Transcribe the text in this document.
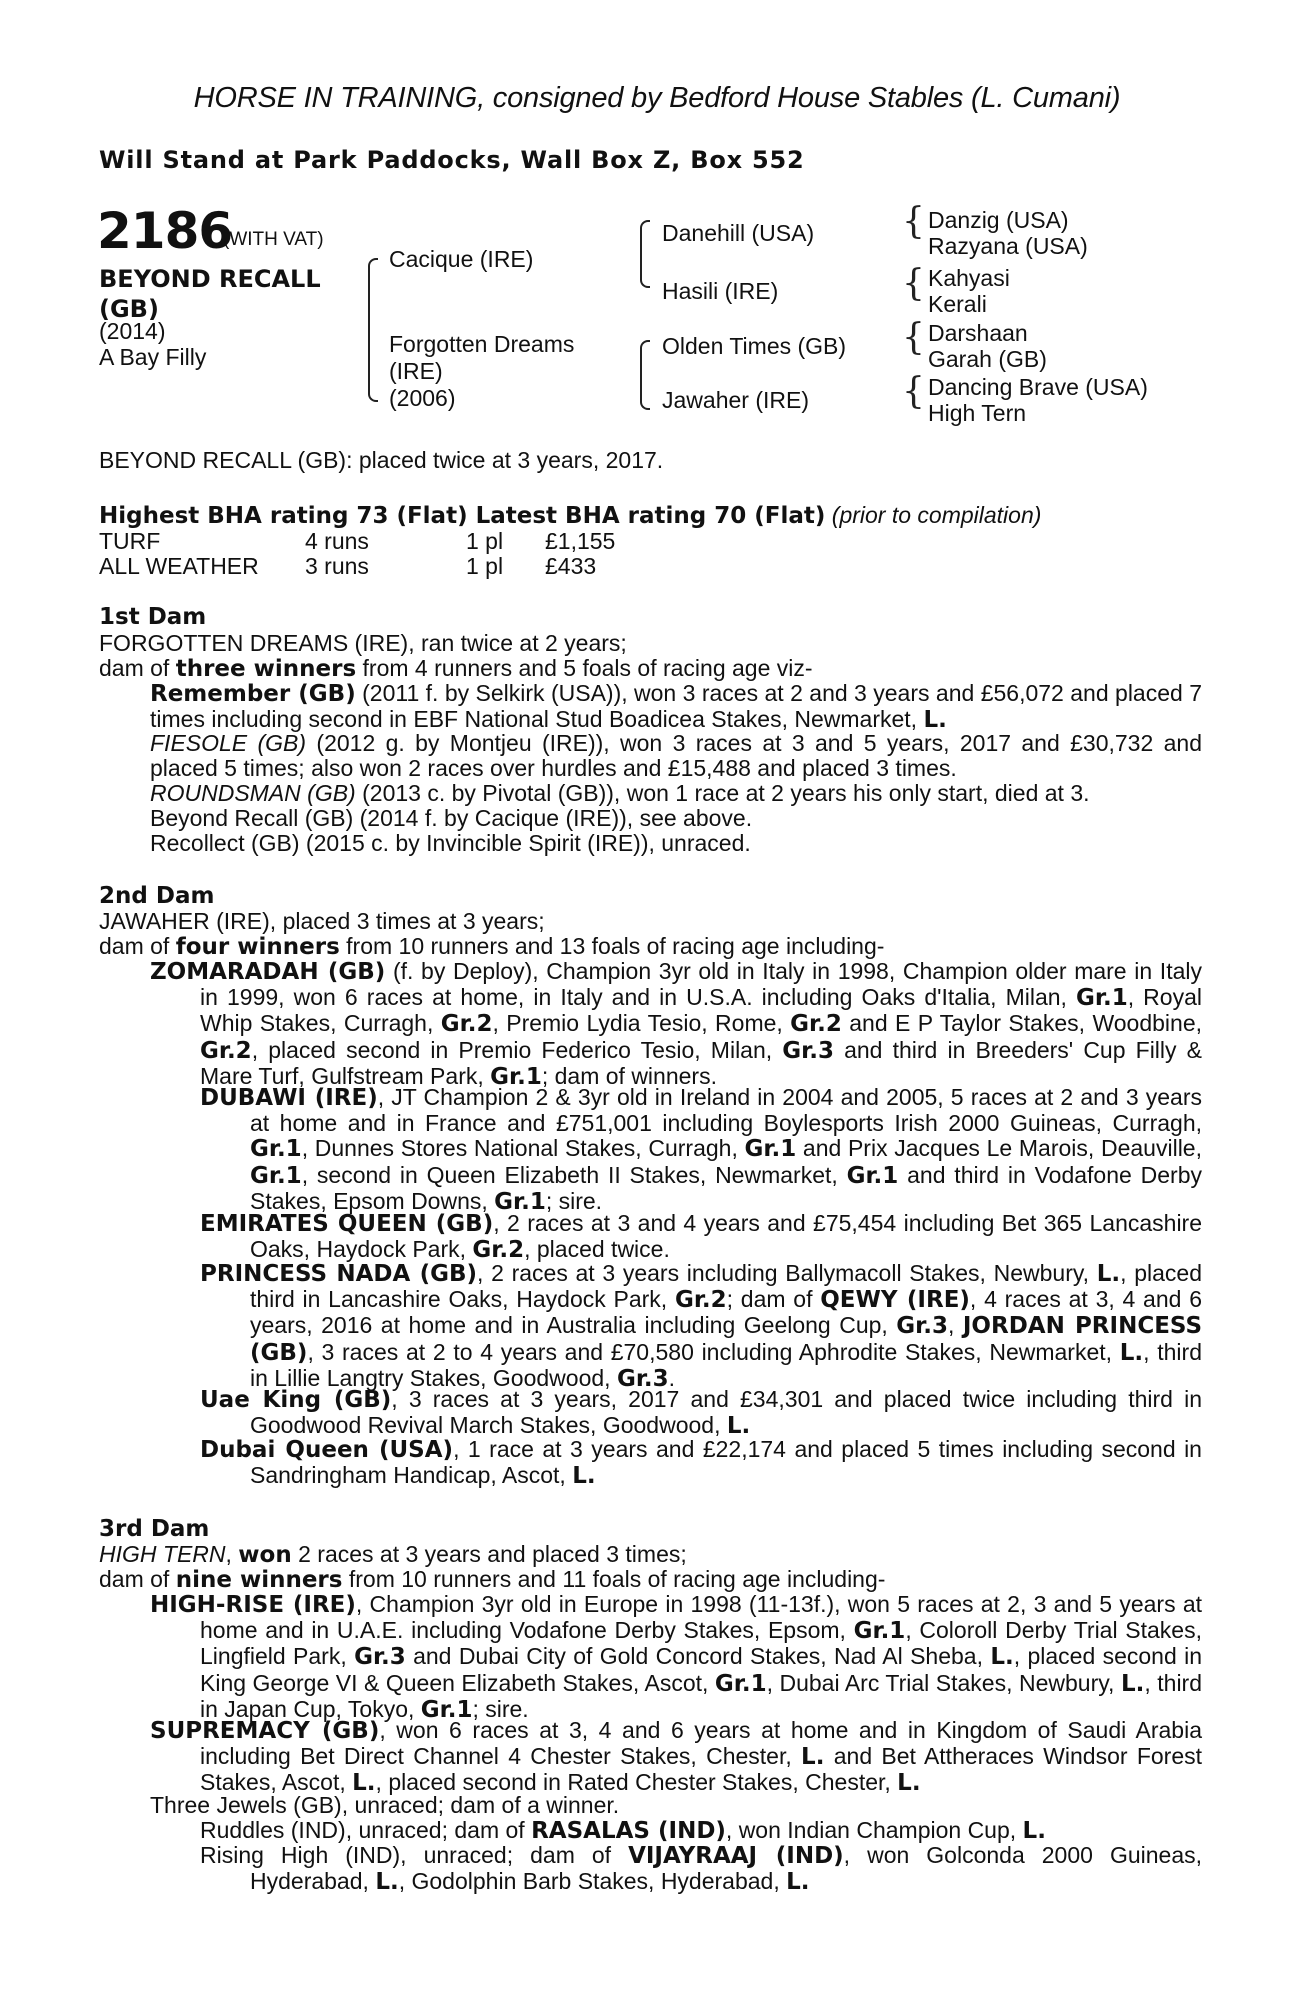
HORSE IN TRAINING, consigned by Bedford House Stables (L. Cumani)
Will Stand at Park Paddocks, Wall Box Z, Box 552
2186
(WITH VAT)
BEYOND RECALL (GB)
(2014)
A Bay Filly
Cacique (IRE)
Forgotten Dreams
(IRE)
(2006)
Danehill (USA)
Hasili (IRE)
Olden Times (GB)
Jawaher (IRE)
{ Danzig (USA)
Razyana (USA)
{ Kahyasi
Kerali
{ Darshaan
Garah (GB)
{ Dancing Brave (USA)
High Tern
BEYOND RECALL (GB): placed twice at 3 years, 2017.
Highest BHA rating 73 (Flat) Latest BHA rating 70 (Flat) (prior to compilation)
TURF	4 runs	1 pl £1,155
ALL WEATHER 3 runs	1 pl £433
1st Dam
FORGOTTEN DREAMS (IRE), ran twice at 2 years;
dam of three winners from 4 runners and 5 foals of racing age viz-
Remember (GB) (2011 f. by Selkirk (USA)), won 3 races at 2 and 3 years and £56,072 and placed 7 times including second in EBF National Stud Boadicea Stakes, Newmarket, L.
FIESOLE (GB) (2012 g. by Montjeu (IRE)), won 3 races at 3 and 5 years, 2017 and £30,732 and placed 5 times; also won 2 races over hurdles and £15,488 and placed 3 times.
ROUNDSMAN (GB) (2013 c. by Pivotal (GB)), won 1 race at 2 years his only start, died at 3.
Beyond Recall (GB) (2014 f. by Cacique (IRE)), see above.
Recollect (GB) (2015 c. by Invincible Spirit (IRE)), unraced.
2nd Dam
JAWAHER (IRE), placed 3 times at 3 years;
dam of four winners from 10 runners and 13 foals of racing age including-
ZOMARADAH (GB) (f. by Deploy), Champion 3yr old in Italy in 1998, Champion older mare in Italy in 1999, won 6 races at home, in Italy and in U.S.A. including Oaks d'Italia, Milan, Gr.1, Royal Whip Stakes, Curragh, Gr.2, Premio Lydia Tesio, Rome, Gr.2 and E P Taylor Stakes, Woodbine, Gr.2, placed second in Premio Federico Tesio, Milan, Gr.3 and third in Breeders' Cup Filly & Mare Turf, Gulfstream Park, Gr.1; dam of winners.
DUBAWI (IRE), JT Champion 2 & 3yr old in Ireland in 2004 and 2005, 5 races at 2 and 3 years at home and in France and £751,001 including Boylesports Irish 2000 Guineas, Curragh, Gr.1, Dunnes Stores National Stakes, Curragh, Gr.1 and Prix Jacques Le Marois, Deauville, Gr.1, second in Queen Elizabeth II Stakes, Newmarket, Gr.1 and third in Vodafone Derby Stakes, Epsom Downs, Gr.1; sire.
EMIRATES QUEEN (GB), 2 races at 3 and 4 years and £75,454 including Bet 365 Lancashire Oaks, Haydock Park, Gr.2, placed twice.
PRINCESS NADA (GB), 2 races at 3 years including Ballymacoll Stakes, Newbury, L., placed third in Lancashire Oaks, Haydock Park, Gr.2; dam of QEWY (IRE), 4 races at 3, 4 and 6 years, 2016 at home and in Australia including Geelong Cup, Gr.3, JORDAN PRINCESS (GB), 3 races at 2 to 4 years and £70,580 including Aphrodite Stakes, Newmarket, L., third in Lillie Langtry Stakes, Goodwood, Gr.3.
Uae King (GB), 3 races at 3 years, 2017 and £34,301 and placed twice including third in Goodwood Revival March Stakes, Goodwood, L.
Dubai Queen (USA), 1 race at 3 years and £22,174 and placed 5 times including second in Sandringham Handicap, Ascot, L.
3rd Dam
HIGH TERN, won 2 races at 3 years and placed 3 times;
dam of nine winners from 10 runners and 11 foals of racing age including-
HIGH-RISE (IRE), Champion 3yr old in Europe in 1998 (11-13f.), won 5 races at 2, 3 and 5 years at home and in U.A.E. including Vodafone Derby Stakes, Epsom, Gr.1, Coloroll Derby Trial Stakes, Lingfield Park, Gr.3 and Dubai City of Gold Concord Stakes, Nad Al Sheba, L., placed second in King George VI & Queen Elizabeth Stakes, Ascot, Gr.1, Dubai Arc Trial Stakes, Newbury, L., third in Japan Cup, Tokyo, Gr.1; sire.
SUPREMACY (GB), won 6 races at 3, 4 and 6 years at home and in Kingdom of Saudi Arabia including Bet Direct Channel 4 Chester Stakes, Chester, L. and Bet Attheraces Windsor Forest Stakes, Ascot, L., placed second in Rated Chester Stakes, Chester, L.
Three Jewels (GB), unraced; dam of a winner.
Ruddles (IND), unraced; dam of RASALAS (IND), won Indian Champion Cup, L.
Rising High (IND), unraced; dam of VIJAYRAAJ (IND), won Golconda 2000 Guineas, Hyderabad, L., Godolphin Barb Stakes, Hyderabad, L.
